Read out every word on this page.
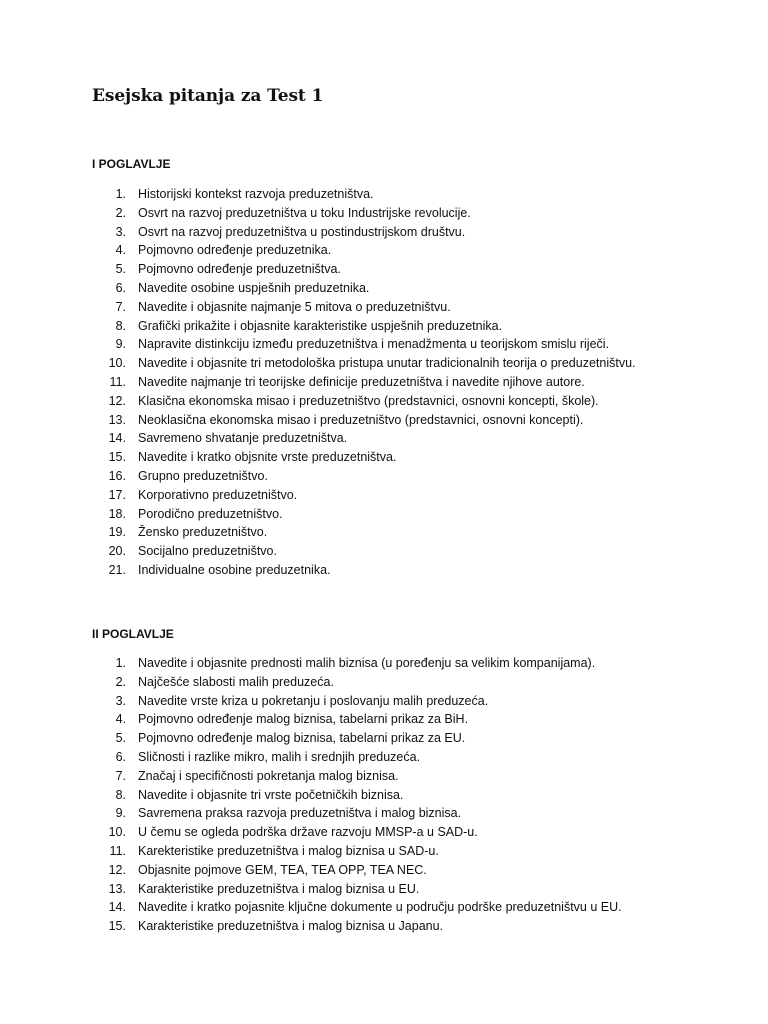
Esejska pitanja za Test 1
I POGLAVLJE
1. Historijski kontekst razvoja preduzetništva.
2. Osvrt na razvoj preduzetništva u toku Industrijske revolucije.
3. Osvrt na razvoj preduzetništva u postindustrijskom društvu.
4. Pojmovno određenje preduzetnika.
5. Pojmovno određenje preduzetništva.
6. Navedite osobine uspješnih preduzetnika.
7. Navedite i objasnite najmanje 5 mitova o preduzetništvu.
8. Grafički prikažite i objasnite karakteristike uspješnih preduzetnika.
9. Napravite distinkciju između preduzetništva i menadžmenta u teorijskom smislu riječi.
10. Navedite i objasnite tri metodološka pristupa unutar tradicionalnih teorija o preduzetništvu.
11. Navedite najmanje tri teorijske definicije preduzetništva i navedite njihove autore.
12. Klasična ekonomska misao i preduzetništvo (predstavnici, osnovni koncepti, škole).
13. Neoklasična ekonomska misao i preduzetništvo (predstavnici, osnovni koncepti).
14. Savremeno shvatanje preduzetništva.
15. Navedite i kratko objsnite vrste preduzetništva.
16. Grupno preduzetništvo.
17. Korporativno preduzetništvo.
18. Porodično preduzetništvo.
19. Žensko preduzetništvo.
20. Socijalno preduzetništvo.
21. Individualne osobine preduzetnika.
II POGLAVLJE
1. Navedite i objasnite prednosti malih biznisa (u poređenju sa velikim kompanijama).
2. Najčešće slabosti malih preduzeća.
3. Navedite vrste kriza u pokretanju i poslovanju malih preduzeća.
4. Pojmovno određenje malog biznisa, tabelarni prikaz za BiH.
5. Pojmovno određenje malog biznisa, tabelarni prikaz za EU.
6. Sličnosti i razlike mikro, malih i srednjih preduzeća.
7. Značaj i specifičnosti pokretanja malog biznisa.
8. Navedite i objasnite tri vrste početničkih biznisa.
9. Savremena praksa razvoja preduzetništva i malog biznisa.
10. U čemu se ogleda podrška države razvoju MMSP-a u SAD-u.
11. Karekteristike preduzetništva i malog biznisa u SAD-u.
12. Objasnite pojmove GEM, TEA, TEA OPP, TEA NEC.
13. Karakteristike preduzetništva i malog biznisa u EU.
14. Navedite i kratko pojasnite ključne dokumente u području podrške preduzetništvu u EU.
15. Karakteristike preduzetništva i malog biznisa u Japanu.
